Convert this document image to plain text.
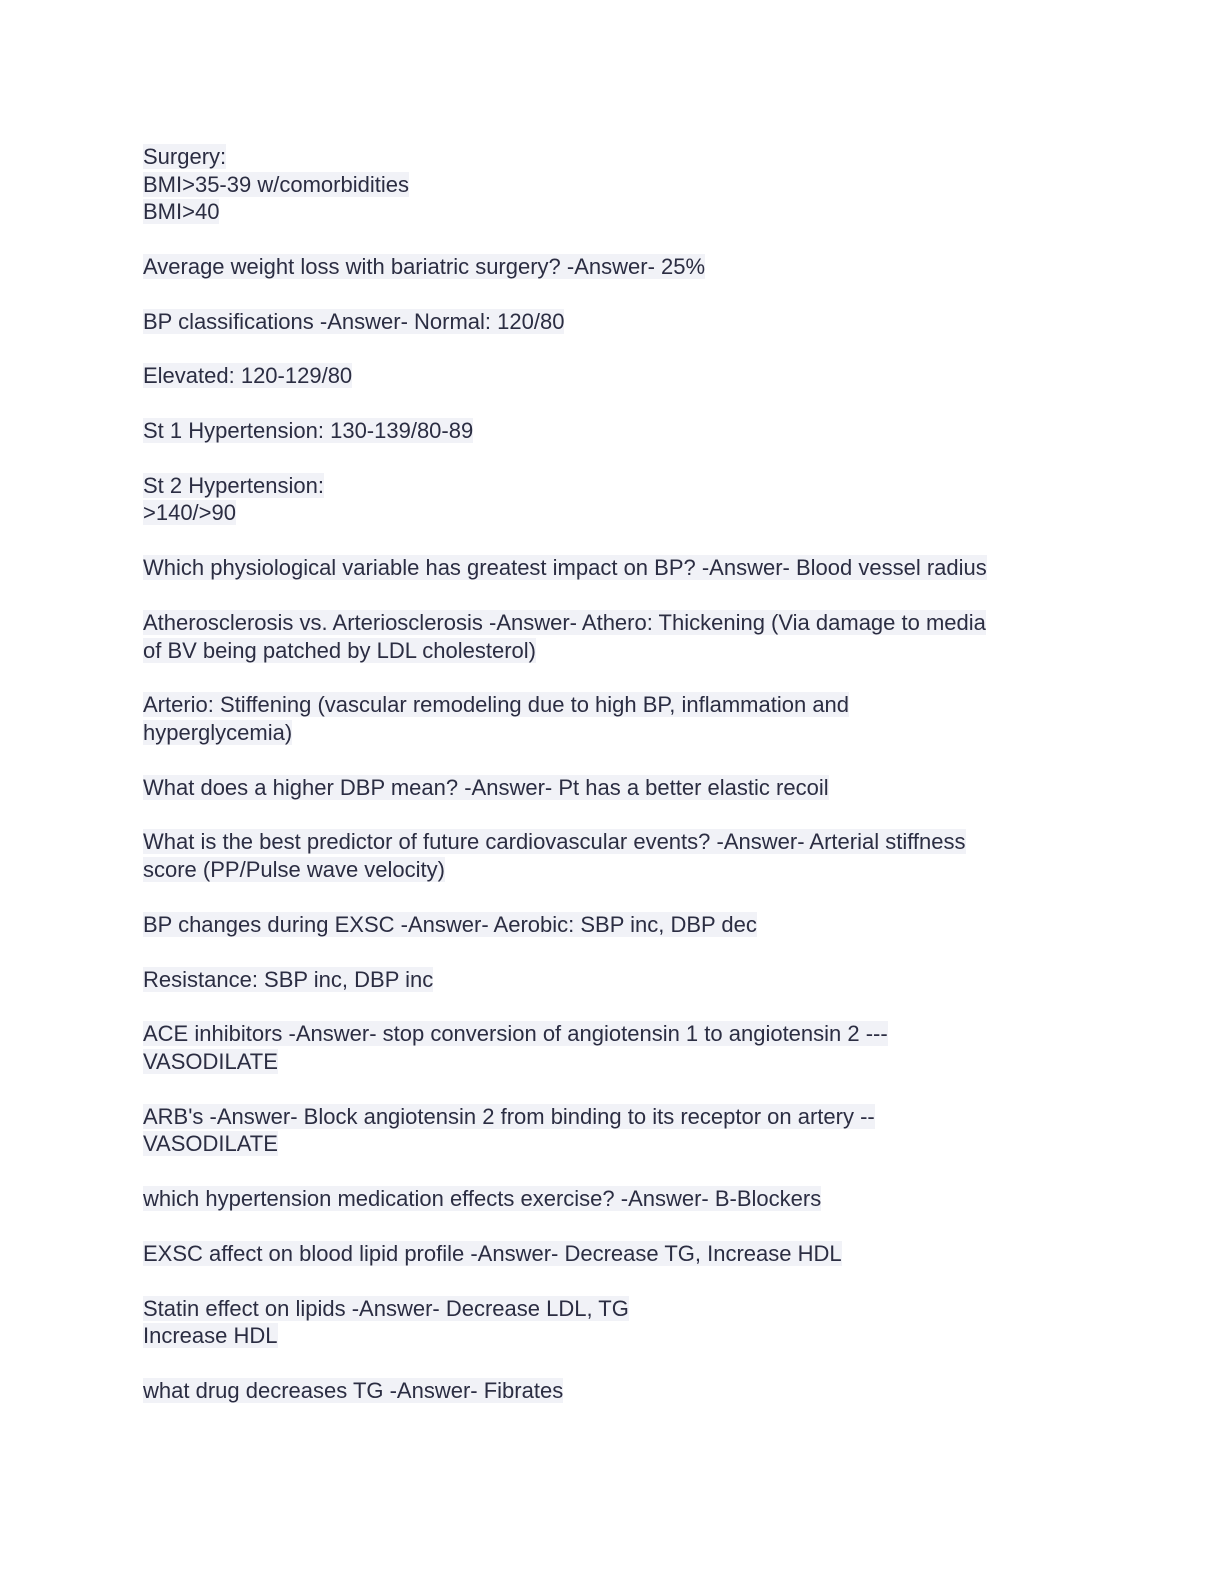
Surgery:
BMI>35-39 w/comorbidities
BMI>40
Average weight loss with bariatric surgery? -Answer- 25%
BP classifications -Answer- Normal: 120/80
Elevated: 120-129/80
St 1 Hypertension: 130-139/80-89
St 2 Hypertension:
>140/>90
Which physiological variable has greatest impact on BP? -Answer- Blood vessel radius
Atherosclerosis vs. Arteriosclerosis -Answer- Athero: Thickening (Via damage to media
of BV being patched by LDL cholesterol)
Arterio: Stiffening (vascular remodeling due to high BP, inflammation and
hyperglycemia)
What does a higher DBP mean? -Answer- Pt has a better elastic recoil
What is the best predictor of future cardiovascular events? -Answer- Arterial stiffness
score (PP/Pulse wave velocity)
BP changes during EXSC -Answer- Aerobic: SBP inc, DBP dec
Resistance: SBP inc, DBP inc
ACE inhibitors -Answer- stop conversion of angiotensin 1 to angiotensin 2 ---
VASODILATE
ARB's -Answer- Block angiotensin 2 from binding to its receptor on artery --
VASODILATE
which hypertension medication effects exercise? -Answer- B-Blockers
EXSC affect on blood lipid profile -Answer- Decrease TG, Increase HDL
Statin effect on lipids -Answer- Decrease LDL, TG
Increase HDL
what drug decreases TG -Answer- Fibrates
